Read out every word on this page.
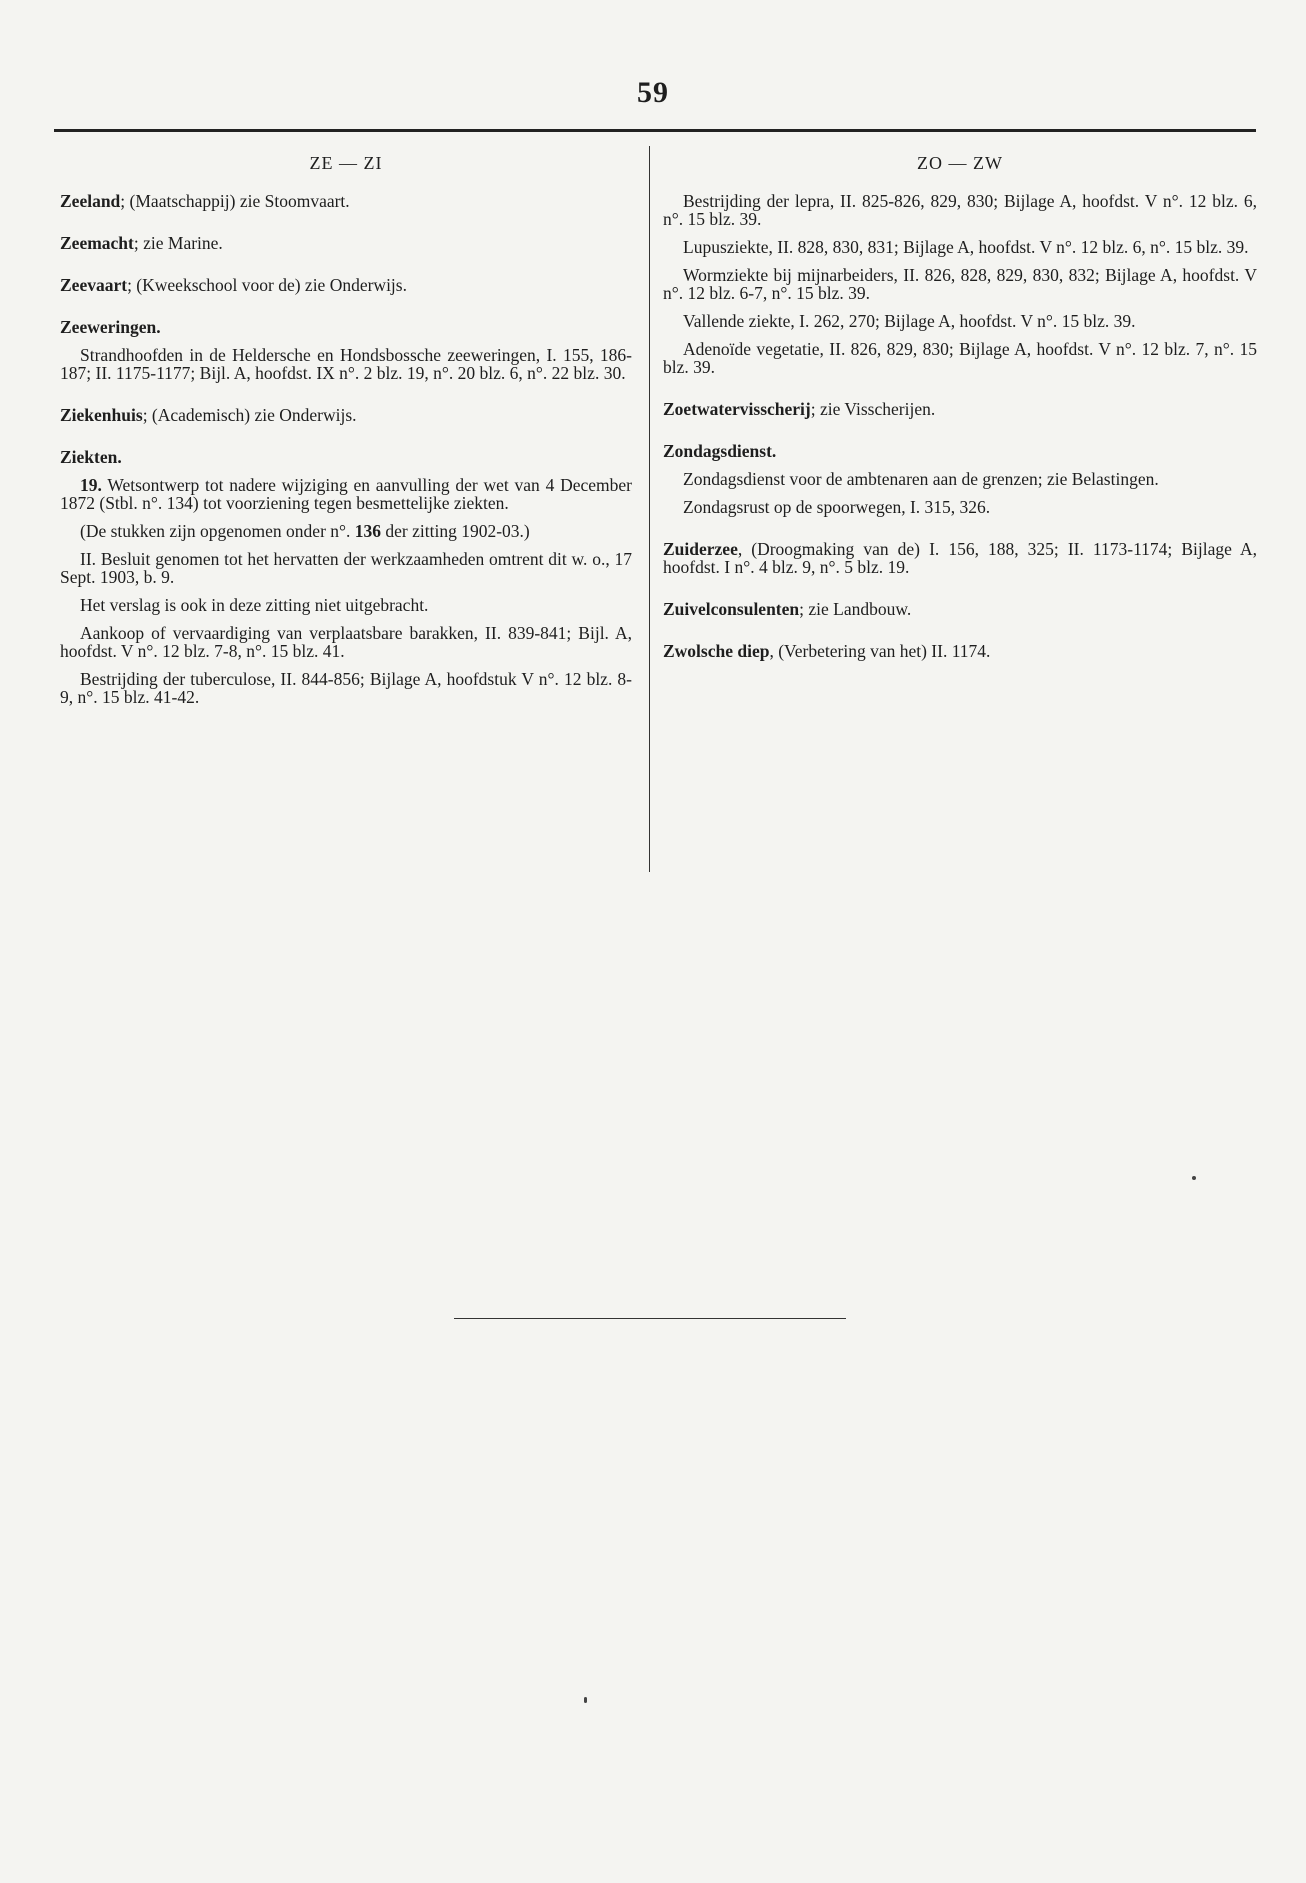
59
ZE — ZI
Zeeland; (Maatschappij) zie Stoomvaart.
Zeemacht; zie Marine.
Zeevaart; (Kweekschool voor de) zie Onderwijs.
Zeeweringen.
Strandhoofden in de Heldersche en Hondsbossche zeeweringen, I. 155, 186-187; II. 1175-1177; Bijl. A, hoofdst. IX n°. 2 blz. 19, n°. 20 blz. 6, n°. 22 blz. 30.
Ziekenhuis; (Academisch) zie Onderwijs.
Ziekten.
19. Wetsontwerp tot nadere wijziging en aanvulling der wet van 4 December 1872 (Stbl. n°. 134) tot voorziening tegen besmettelijke ziekten.
(De stukken zijn opgenomen onder n°. 136 der zitting 1902-03.)
II. Besluit genomen tot het hervatten der werkzaamheden omtrent dit w. o., 17 Sept. 1903, b. 9.
Het verslag is ook in deze zitting niet uitgebracht.
Aankoop of vervaardiging van verplaatsbare barakken, II. 839-841; Bijl. A, hoofdst. V n°. 12 blz. 7-8, n°. 15 blz. 41.
Bestrijding der tuberculose, II. 844-856; Bijlage A, hoofdstuk V n°. 12 blz. 8-9, n°. 15 blz. 41-42.
ZO — ZW
Bestrijding der lepra, II. 825-826, 829, 830; Bijlage A, hoofdst. V n°. 12 blz. 6, n°. 15 blz. 39.
Lupusziekte, II. 828, 830, 831; Bijlage A, hoofdst. V n°. 12 blz. 6, n°. 15 blz. 39.
Wormziekte bij mijnarbeiders, II. 826, 828, 829, 830, 832; Bijlage A, hoofdst. V n°. 12 blz. 6-7, n°. 15 blz. 39.
Vallende ziekte, I. 262, 270; Bijlage A, hoofdst. V n°. 15 blz. 39.
Adenoïde vegetatie, II. 826, 829, 830; Bijlage A, hoofdst. V n°. 12 blz. 7, n°. 15 blz. 39.
Zoetwatervisscherij; zie Visscherijen.
Zondagsdienst.
Zondagsdienst voor de ambtenaren aan de grenzen; zie Belastingen.
Zondagsrust op de spoorwegen, I. 315, 326.
Zuiderzee, (Droogmaking van de) I. 156, 188, 325; II. 1173-1174; Bijlage A, hoofdst. I n°. 4 blz. 9, n°. 5 blz. 19.
Zuivelconsulenten; zie Landbouw.
Zwolsche diep, (Verbetering van het) II. 1174.
